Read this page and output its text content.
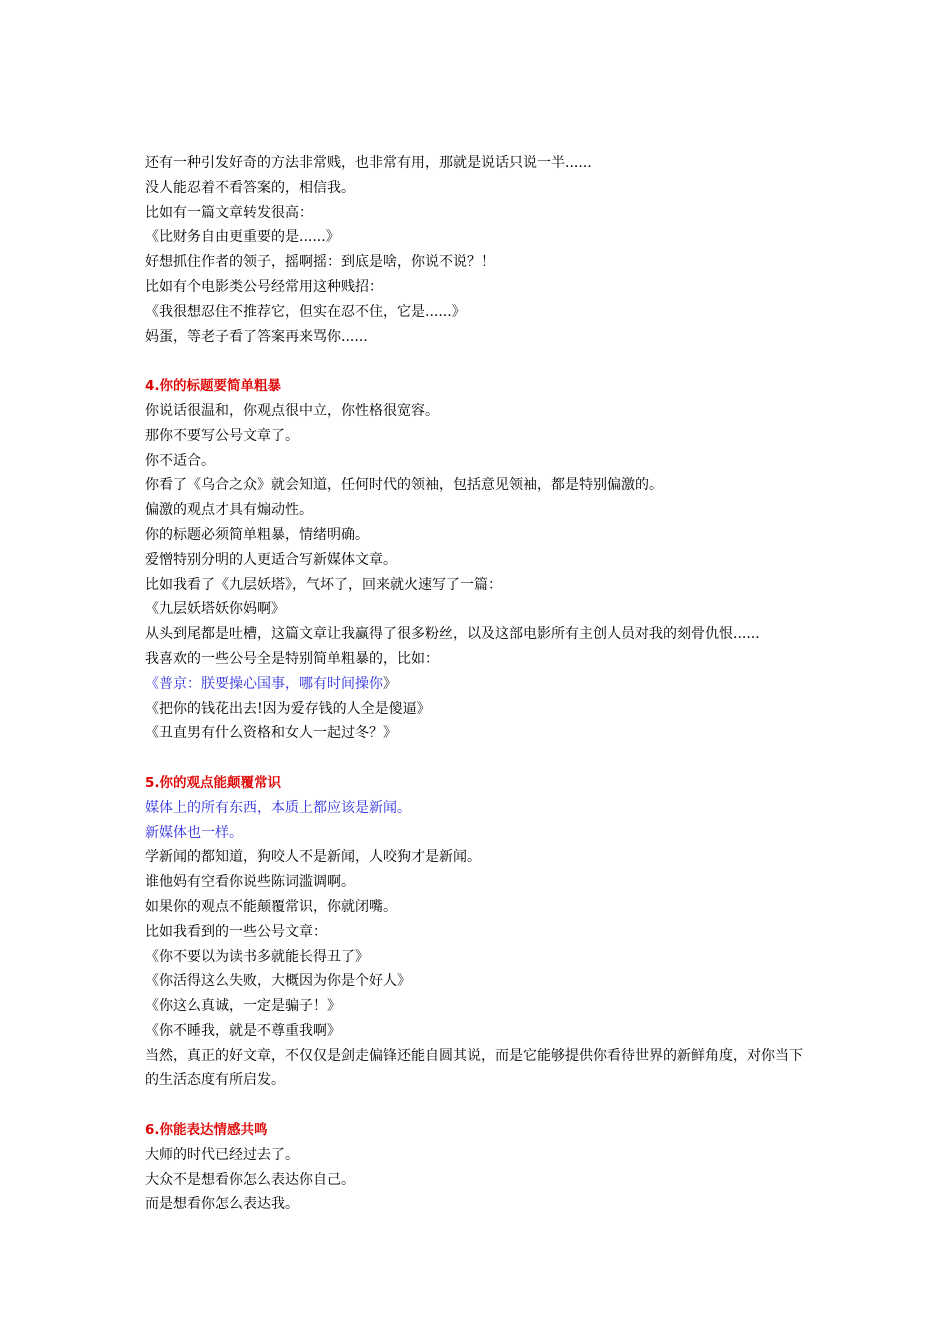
还有一种引发好奇的方法非常贱，也非常有用，那就是说话只说一半......
没人能忍着不看答案的，相信我。
比如有一篇文章转发很高：
《比财务自由更重要的是......》
好想抓住作者的领子，摇啊摇：到底是啥，你说不说？！
比如有个电影类公号经常用这种贱招：
《我很想忍住不推荐它，但实在忍不住，它是......》
妈蛋，等老子看了答案再来骂你......
4.你的标题要简单粗暴
你说话很温和，你观点很中立，你性格很宽容。
那你不要写公号文章了。
你不适合。
你看了《乌合之众》就会知道，任何时代的领袖，包括意见领袖，都是特别偏激的。
偏激的观点才具有煽动性。
你的标题必须简单粗暴，情绪明确。
爱憎特别分明的人更适合写新媒体文章。
比如我看了《九层妖塔》，气坏了，回来就火速写了一篇：
《九层妖塔妖你妈啊》
从头到尾都是吐槽，这篇文章让我赢得了很多粉丝，以及这部电影所有主创人员对我的刻骨仇恨......
我喜欢的一些公号全是特别简单粗暴的，比如：
《普京：朕要操心国事，哪有时间操你》
《把你的钱花出去!因为爱存钱的人全是傻逼》
《丑直男有什么资格和女人一起过冬？》
5.你的观点能颠覆常识
媒体上的所有东西，本质上都应该是新闻。
新媒体也一样。
学新闻的都知道，狗咬人不是新闻，人咬狗才是新闻。
谁他妈有空看你说些陈词滥调啊。
如果你的观点不能颠覆常识，你就闭嘴。
比如我看到的一些公号文章：
《你不要以为读书多就能长得丑了》
《你活得这么失败，大概因为你是个好人》
《你这么真诚，一定是骗子！》
《你不睡我，就是不尊重我啊》
当然，真正的好文章，不仅仅是剑走偏锋还能自圆其说，而是它能够提供你看待世界的新鲜角度，对你当下的生活态度有所启发。
6.你能表达情感共鸣
大师的时代已经过去了。
大众不是想看你怎么表达你自己。
而是想看你怎么表达我。
